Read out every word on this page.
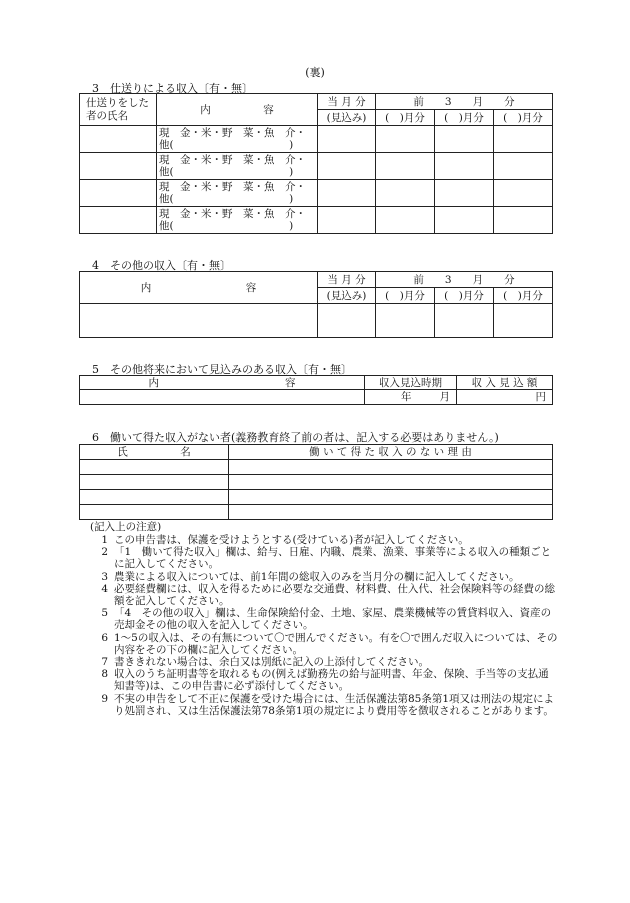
(裏)
3　仕送りによる収入〔有・無〕
仕送りをした者の氏名	内　　　　　容	当 月 分	前　　3　　月　　分		
		(見込み)	(　)月分	(　)月分	(　)月分

	現　金・米・野　菜・魚　介・
他(　　　　　　　　　　　)				

	現　金・米・野　菜・魚　介・
他(　　　　　　　　　　　)				

	現　金・米・野　菜・魚　介・
他(　　　　　　　　　　　)				

	現　金・米・野　菜・魚　介・
他(　　　　　　　　　　　)				

4　その他の収入〔有・無〕
内　　　　　　　　　容	当 月 分	前　　3　　月　　分		
	(見込み)	(　)月分	(　)月分	(　)月分

5　その他将来において見込みのある収入〔有・無〕
内　　　　　　　　　　　　容	収入見込時期	収 入 見 込 額

	年 月	円
6　働いて得た収入がない者(義務教育終了前の者は、記入する必要はありません。)
氏　　　　　名	働 い て 得 た 収 入 の な い 理 由

(記入上の注意)
1 この申告書は、保護を受けようとする(受けている)者が記入してください。
2 「1　働いて得た収入」欄は、給与、日雇、内職、農業、漁業、事業等による収入の種類ごとに記入してください。
3 農業による収入については、前1年間の総収入のみを当月分の欄に記入してください。
4 必要経費欄には、収入を得るために必要な交通費、材料費、仕入代、社会保険料等の経費の総額を記入してください。
5 「4　その他の収入」欄は、生命保険給付金、土地、家屋、農業機械等の賃貸料収入、資産の売却金その他の収入を記入してください。
6 1～5の収入は、その有無について〇で囲んでください。有を〇で囲んだ収入については、その内容をその下の欄に記入してください。
7 書ききれない場合は、余白又は別紙に記入の上添付してください。
8 収入のうち証明書等を取れるもの(例えば勤務先の給与証明書、年金、保険、手当等の支払通知書等)は、この申告書に必ず添付してください。
9 不実の申告をして不正に保護を受けた場合には、生活保護法第85条第1項又は刑法の規定により処罰され、又は生活保護法第78条第1項の規定により費用等を徴収されることがあります。
